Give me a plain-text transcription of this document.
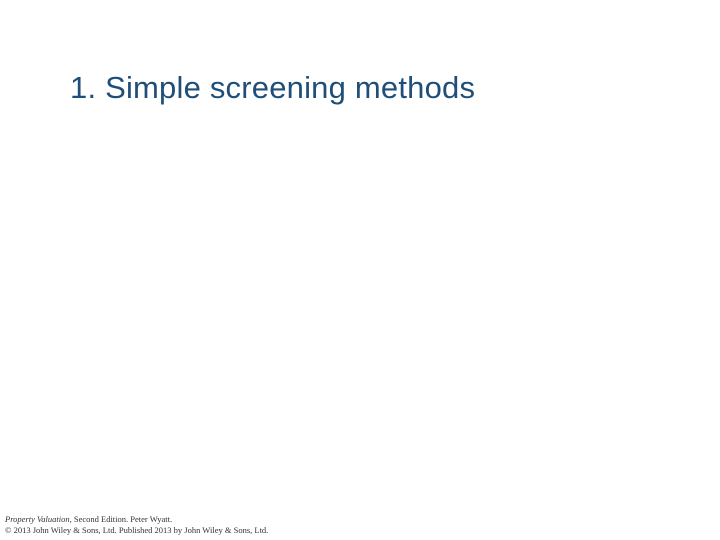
1. Simple screening methods
Property Valuation, Second Edition. Peter Wyatt.
© 2013 John Wiley & Sons, Ltd. Published 2013 by John Wiley & Sons, Ltd.
